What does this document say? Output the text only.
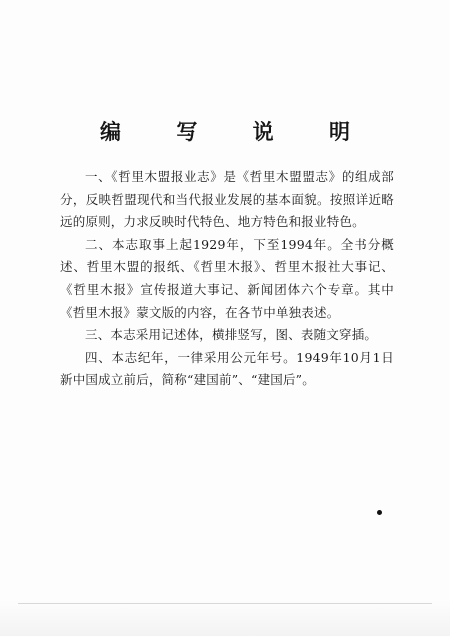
编 写 说 明

一、《哲里木盟报业志》是《哲里木盟盟志》的组成部分，反映哲盟现代和当代报业发展的基本面貌。按照详近略远的原则，力求反映时代特色、地方特色和报业特色。

二、本志取事上起1929年，下至1994年。全书分概述、哲里木盟的报纸、《哲里木报》、哲里木报社大事记、《哲里木报》宣传报道大事记、新闻团体六个专章。其中《哲里木报》蒙文版的内容，在各节中单独表述。

三、本志采用记述体，横排竖写，图、表随文穿插。

四、本志纪年，一律采用公元年号。1949年10月1日新中国成立前后，简称“建国前”、“建国后”。
